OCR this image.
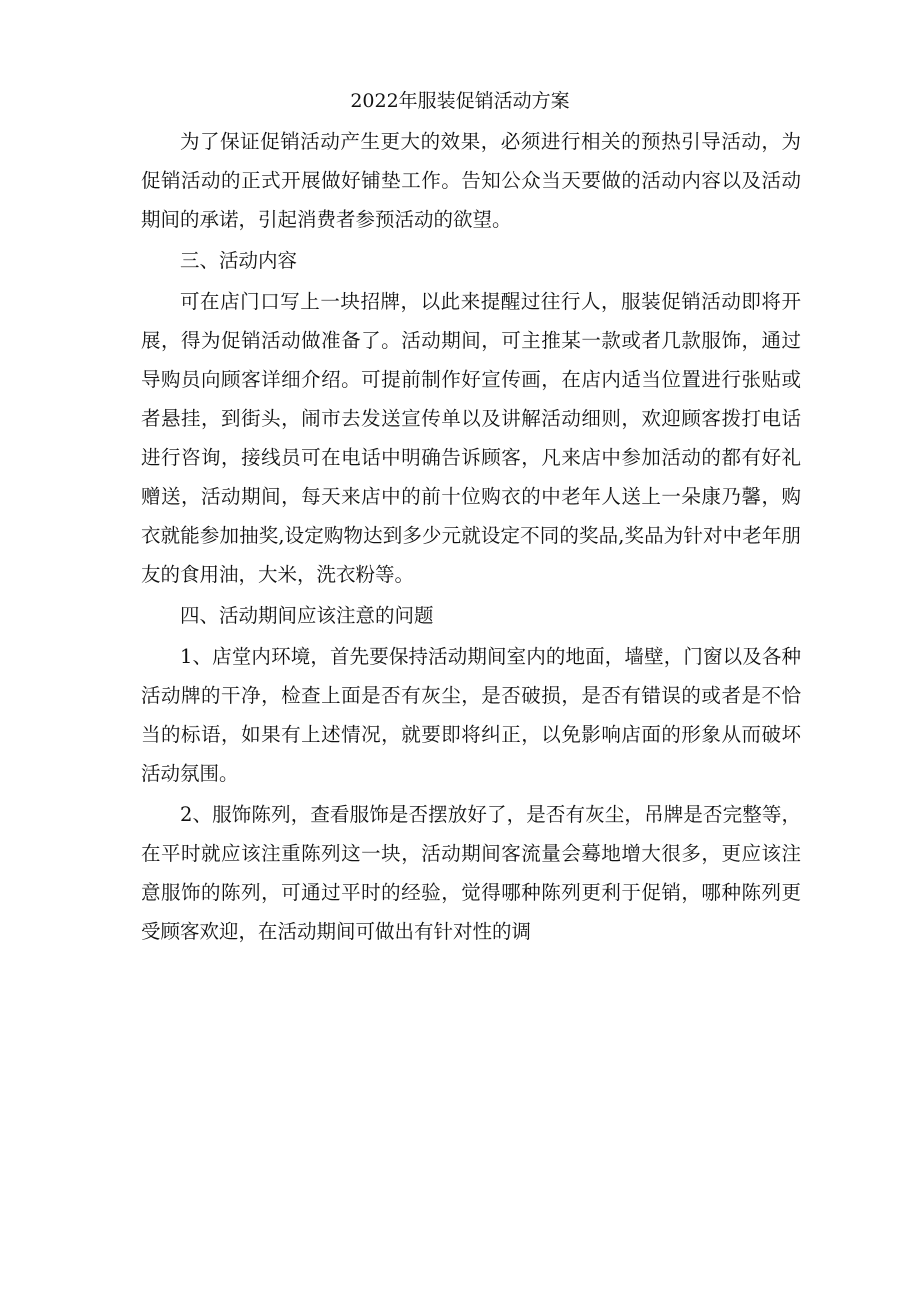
2022年服装促销活动方案

为了保证促销活动产生更大的效果，必须进行相关的预热引导活动，为促销活动的正式开展做好铺垫工作。告知公众当天要做的活动内容以及活动期间的承诺，引起消费者参预活动的欲望。

三、活动内容

可在店门口写上一块招牌，以此来提醒过往行人，服装促销活动即将开展，得为促销活动做准备了。活动期间，可主推某一款或者几款服饰，通过导购员向顾客详细介绍。可提前制作好宣传画，在店内适当位置进行张贴或者悬挂，到街头，闹市去发送宣传单以及讲解活动细则，欢迎顾客拨打电话进行咨询，接线员可在电话中明确告诉顾客，凡来店中参加活动的都有好礼赠送，活动期间，每天来店中的前十位购衣的中老年人送上一朵康乃馨，购衣就能参加抽奖,设定购物达到多少元就设定不同的奖品,奖品为针对中老年朋友的食用油，大米，洗衣粉等。

四、活动期间应该注意的问题

1、店堂内环境，首先要保持活动期间室内的地面，墙壁，门窗以及各种活动牌的干净，检查上面是否有灰尘，是否破损，是否有错误的或者是不恰当的标语，如果有上述情况，就要即将纠正，以免影响店面的形象从而破坏活动氛围。

2、服饰陈列，查看服饰是否摆放好了，是否有灰尘，吊牌是否完整等，在平时就应该注重陈列这一块，活动期间客流量会蓦地增大很多，更应该注意服饰的陈列，可通过平时的经验，觉得哪种陈列更利于促销，哪种陈列更受顾客欢迎，在活动期间可做出有针对性的调
